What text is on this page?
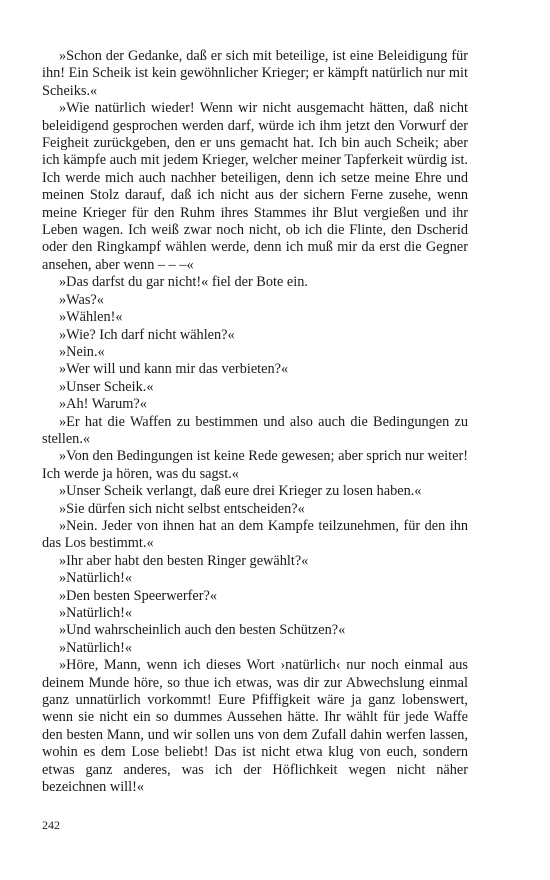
»Schon der Gedanke, daß er sich mit beteilige, ist eine Beleidigung für ihn! Ein Scheik ist kein gewöhnlicher Krieger; er kämpft natürlich nur mit Scheiks.«

»Wie natürlich wieder! Wenn wir nicht ausgemacht hätten, daß nicht beleidigend gesprochen werden darf, würde ich ihm jetzt den Vorwurf der Feigheit zurückgeben, den er uns gemacht hat. Ich bin auch Scheik; aber ich kämpfe auch mit jedem Krieger, welcher meiner Tapferkeit würdig ist. Ich werde mich auch nachher beteiligen, denn ich setze meine Ehre und meinen Stolz darauf, daß ich nicht aus der sichern Ferne zusehe, wenn meine Krieger für den Ruhm ihres Stammes ihr Blut vergießen und ihr Leben wagen. Ich weiß zwar noch nicht, ob ich die Flinte, den Dscherid oder den Ringkampf wählen werde, denn ich muß mir da erst die Gegner ansehen, aber wenn – – –«

»Das darfst du gar nicht!« fiel der Bote ein.

»Was?«

»Wählen!«

»Wie? Ich darf nicht wählen?«

»Nein.«

»Wer will und kann mir das verbieten?«

»Unser Scheik.«

»Ah! Warum?«

»Er hat die Waffen zu bestimmen und also auch die Bedingungen zu stellen.«

»Von den Bedingungen ist keine Rede gewesen; aber sprich nur weiter! Ich werde ja hören, was du sagst.«

»Unser Scheik verlangt, daß eure drei Krieger zu losen haben.«

»Sie dürfen sich nicht selbst entscheiden?«

»Nein. Jeder von ihnen hat an dem Kampfe teilzunehmen, für den ihn das Los bestimmt.«

»Ihr aber habt den besten Ringer gewählt?«

»Natürlich!«

»Den besten Speerwerfer?«

»Natürlich!«

»Und wahrscheinlich auch den besten Schützen?«

»Natürlich!«

»Höre, Mann, wenn ich dieses Wort ›natürlich‹ nur noch einmal aus deinem Munde höre, so thue ich etwas, was dir zur Abwechslung einmal ganz unnatürlich vorkommt! Eure Pfiffigkeit wäre ja ganz lobenswert, wenn sie nicht ein so dummes Aussehen hätte. Ihr wählt für jede Waffe den besten Mann, und wir sollen uns von dem Zufall dahin werfen lassen, wohin es dem Lose beliebt! Das ist nicht etwa klug von euch, sondern etwas ganz anderes, was ich der Höflichkeit wegen nicht näher bezeichnen will!«

242
